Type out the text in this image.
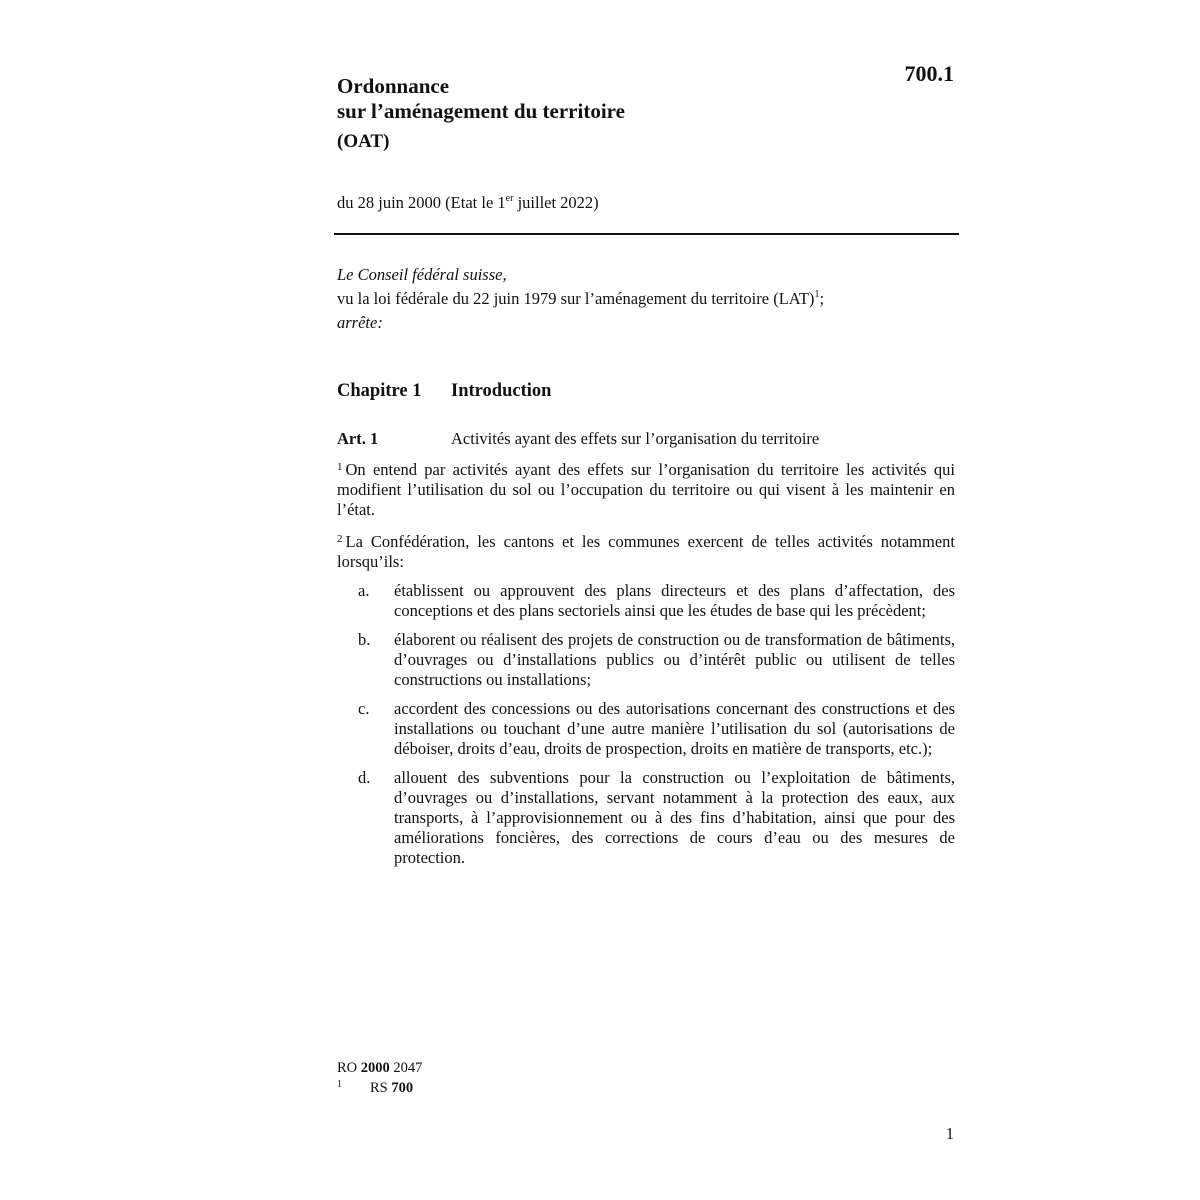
700.1
Ordonnance
sur l’aménagement du territoire
(OAT)
du 28 juin 2000 (Etat le 1er juillet 2022)
Le Conseil fédéral suisse,
vu la loi fédérale du 22 juin 1979 sur l’aménagement du territoire (LAT)$^1$;
arrête:
Chapitre 1 Introduction
Art. 1	Activités ayant des effets sur l’organisation du territoire

$^1$ On entend par activités ayant des effets sur l’organisation du territoire les activités qui modifient l’utilisation du sol ou l’occupation du territoire ou qui visent à les maintenir en l’état.

$^2$ La Confédération, les cantons et les communes exercent de telles activités notamment lorsqu’ils:

a.	établissent ou approuvent des plans directeurs et des plans d’affectation, des conceptions et des plans sectoriels ainsi que les études de base qui les précèdent;
b.	élaborent ou réalisent des projets de construction ou de transformation de bâtiments, d’ouvrages ou d’installations publics ou d’intérêt public ou utilisent de telles constructions ou installations;
c.	accordent des concessions ou des autorisations concernant des constructions et des installations ou touchant d’une autre manière l’utilisation du sol (autorisations de déboiser, droits d’eau, droits de prospection, droits en matière de transports, etc.);
d.	allouent des subventions pour la construction ou l’exploitation de bâtiments, d’ouvrages ou d’installations, servant notamment à la protection des eaux, aux transports, à l’approvisionnement ou à des fins d’habitation, ainsi que pour des améliorations foncières, des corrections de cours d’eau ou des mesures de protection.
RO 2000 2047
1	RS
700
1
